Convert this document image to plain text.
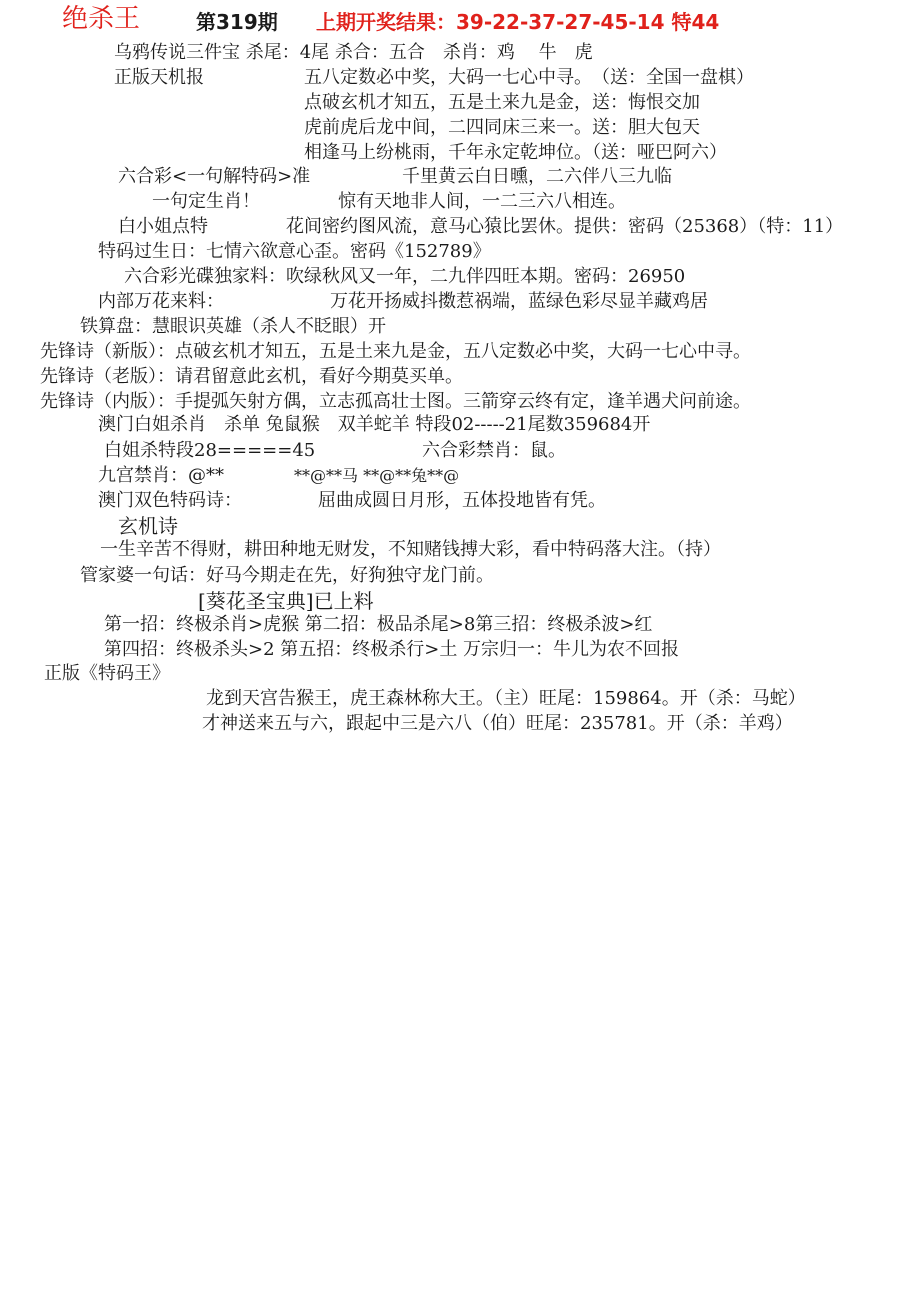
绝杀王	第319期 上期开奖结果：39-22-37-27-45-14 特44
乌鸦传说三件宝 杀尾：4尾 杀合：五合　杀肖：鸡　 牛　虎
正版天机报	五八定数必中奖，大码一七心中寻。　（送：全国一盘棋）
点破玄机才知五，五是土来九是金，送：悔恨交加
虎前虎后龙中间，二四同床三来一。送：胆大包天
相逢马上纷桃雨，千年永定乾坤位。（送：哑巴阿六）
六合彩<一句解特码>准	千里黄云白日曛，二六伴八三九临
一句定生肖！	惊有天地非人间，一二三六八相连。
白小姐点特	花间密约图风流，意马心猿比罢休。提供：密码（25368）（特：11）
特码过生日：七情六欲意心歪。密码《152789》
六合彩光碟独家料：吹绿秋风又一年，二九伴四旺本期。密码：26950
内部万花来料：	万花开扬威抖擞惹祸端，蓝绿色彩尽显羊藏鸡居
铁算盘：慧眼识英雄（杀人不眨眼）开
先锋诗（新版）：点破玄机才知五，五是土来九是金，五八定数必中奖，大码一七心中寻。
先锋诗（老版）：请君留意此玄机，看好今期莫买单。
先锋诗（内版）：手提弧矢射方偶，立志孤高壮士图。三箭穿云终有定，逢羊遇犬问前途。
澳门白姐杀肖　杀单 兔鼠猴　双羊蛇羊 特段02-----21尾数359684开
白姐杀特段28=====45	六合彩禁肖：鼠。
九宫禁肖：@**	**@**马 **@**兔**@
澳门双色特码诗：	屈曲成圆日月形，五体投地皆有凭。
玄机诗
一生辛苦不得财，耕田种地无财发，不知赌钱搏大彩，看中特码落大注。（持）
管家婆一句话：好马今期走在先，好狗独守龙门前。
[葵花圣宝典]已上料
第一招：终极杀肖>虎猴 第二招：极品杀尾>8第三招：终极杀波>红
第四招：终极杀头>2 第五招：终极杀行>土 万宗归一：牛儿为农不回报
正版《特码王》
龙到天宫告猴王，虎王森林称大王。（主）旺尾：159864。开（杀：马蛇）
才神送来五与六，跟起中三是六八（伯）旺尾：235781。开（杀：羊鸡）
